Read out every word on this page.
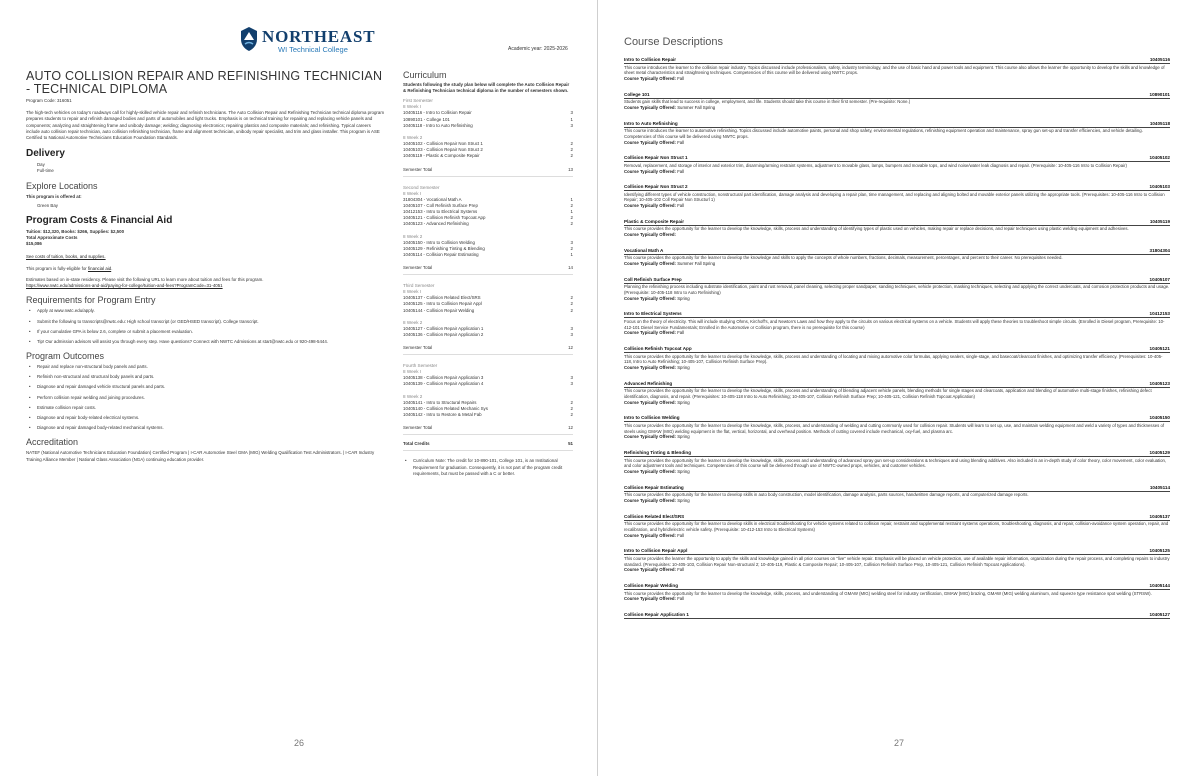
NORTHEAST
WI Technical College	Academic year: 2025-2026
AUTO COLLISION REPAIR AND REFINISHING TECHNICIAN - TECHNICAL DIPLOMA

Program Code: 316051

The high-tech vehicles on today's roadways call for highly-skilled vehicle repair and refinish technicians. The Auto Collision Repair and Refinishing Technician technical diploma program prepares students to repair and refinish damaged bodies and parts of automobiles and light trucks. Emphasis is on technical training for repairing and replacing vehicle panels and components; analyzing and straightening frame and unibody damage; welding; diagnosing electronics; repairing plastics and composite materials; and refinishing. Typical careers include auto collision repair technician, auto collision refinishing technician, frame and alignment technician, unibody repair specialist, and trim and glass installer. This program is ASE Certified to National Automotive Technicians Education Foundation Standards.

Delivery

Day

Full-time

Explore Locations

This program is offered at:

Green Bay

Program Costs & Financial Aid

Tuition: $12,320, Books: $266, Supplies: $2,500

Total Approximate Costs

$15,086

See costs of tuition, books, and supplies.

This program is fully-eligible for financial aid.

Estimates based on in-state residency. Please visit the following URL to learn more about tuition and fees for this program.

https://www.nwtc.edu/admissions-and-aid/paying-for-college/tuition-and-fees?ProgramCode=31-4051

Requirements for Program Entry
• Apply at www.nwtc.edu/apply.
• Submit the following to transcripts@nwtc.edu: High school transcript (or GED/HSED transcript). College transcript.
• If your cumulative GPA is below 2.6, complete or submit a placement evaluation.
• Tip! Our admission advisors will assist you through every step. Have questions? Connect with NWTC Admissions at start@nwtc.edu or 920-498-5444.
Program Outcomes
• Repair and replace non-structural body panels and parts.
• Refinish non-structural and structural body panels and parts.
• Diagnose and repair damaged vehicle structural panels and parts.
• Perform collision repair welding and joining procedures.
• Estimate collision repair costs.
• Diagnose and repair body-related electrical systems.
• Diagnose and repair damaged body-related mechanical systems.
Accreditation

NATEF (National Automotive Technicians Education Foundation) Certified Program | I-CAR Automotive Steel GMA (MIG) Welding Qualification Test Administrators. | I-CAR Industry Training Alliance Member | National Glass Association (NGA) continuing education provider.

Curriculum

Students following the study plan below will complete the Auto Collision Repair & Refinishing Technician technical diploma in the number of semesters shown.

First Semester
8 Week I
10405116 - Intro to Collision Repair	3
10890101 - College 101	1
10405118 - Intro to Auto Refinishing	3
8 Week 2
10405102 - Collision Repair Non Struct 1	2
10405103 - Collision Repair Non Struct 2	2
10405119 - Plastic & Composite Repair	2
Semester Total	13
Second Semester
8 Week I
31804304 - Vocational Math A	1
10405107 - Coll Refinish Surface Prep	2
10412153 - Intro to Electrical Systems	1
10405121 - Collision Refinish Topcoat App	2
10405123 - Advanced Refinishing	2
8 Week 2
10405150 - Intro to Collision Welding	3
10405129 - Refinishing Tinting & Blending	2
10405114 - Collision Repair Estimating	1
Semester Total	14
Third Semester
8 Week I
10405137 - Collision Related Elect/SRS	2
10405125 - Intro to Collision Repair Appl	2
10405144 - Collision Repair Welding	2
8 Week 2
10405127 - Collision Repair Application 1	3
10405136 - Collision Repair Application 2	3
Semester Total	12
Fourth Semester
8 Week I
10405138 - Collision Repair Application 3	3
10405139 - Collision Repair Application 4	3
8 Week 2
10405141 - Intro to Structural Repairs	2
10405140 - Collision Related Mechanic Sys	2
10405142 - Intro to Restore & Metal Fab	2
Semester Total	12
Total Credits	51
• Curriculum Note: The credit for 10-890-101, College 101, is an Institutional Requirement for graduation. Consequently, it is not part of the program credit requirements, but must be passed with a C or better.
26
Course Descriptions
Intro to Collision Repair	10405116

This course introduces the learner to the collision repair industry. Topics discussed include professionalism, safety, industry terminology, and the use of basic hand and power tools and equipment. This course also allows the learner the opportunity to develop the skills and knowledge of sheet metal characteristics and straightening techniques. Competencies of this course will be delivered using NWTC props.

Course Typically Offered: Fall
College 101	10890101

Students gain skills that lead to success in college, employment, and life. Students should take this course in their first semester. (Pre-requisite: None.)

Course Typically Offered: Summer Fall Spring
Intro to Auto Refinishing	10405118

This course introduces the learner to automotive refinishing. Topics discussed include automotive paints, personal and shop safety, environmental regulations, refinishing equipment operation and maintenance, spray gun set-up and transfer efficiencies, and vehicle detailing. Competencies of this course will be delivered using NWTC props.

Course Typically Offered: Fall
Collision Repair Non Struct 1	10405102

Removal, replacement, and storage of interior and exterior trim, disarming/arming restraint systems, adjustment to movable glass, lamps, bumpers and movable tops, and wind noise/water leak diagnosis and repair. (Prerequisite: 10-405-116 Intro to Collision Repair)

Course Typically Offered: Fall
Collision Repair Non Struct 2	10405103

Identifying different types of vehicle construction, nonstructural part identification, damage analysis and developing a repair plan, time management, and replacing and aligning bolted and movable exterior panels utilizing the appropriate tools. (Prerequisites: 10-405-116 Intro to Collision Repair; 10-405-102 Coll Repair Non Structurl 1)

Course Typically Offered: Fall
Plastic & Composite Repair	10405119

This course provides the opportunity for the learner to develop the knowledge, skills, process and understanding of identifying types of plastic used on vehicles, making repair or replace decisions, and repair techniques using plastic welding equipment and adhesives.

Course Typically Offered:
Vocational Math A	31804304

This course provides the opportunity for the learner to develop the knowledge and skills to apply the concepts of whole numbers, fractions, decimals, measurement, percentages, and percent to their career. No prerequisites needed.

Course Typically Offered: Summer Fall Spring
Coll Refinish Surface Prep	10405107

Planning the refinishing process including substrate identification, paint and rust removal, panel cleaning, selecting proper sandpaper, sanding techniques, vehicle protection, masking techniques, selecting and applying the correct undercoats, and corrosion protection products and usage. (Prerequisite: 10-405-118 Intro to Auto Refinishing)

Course Typically Offered: Spring
Intro to Electrical Systems	10412153

Focus on the theory of electricity. This will include studying Ohms, Kirchoff's, and Newton's Laws and how they apply to the circuits on various electrical systems on a vehicle. Students will apply these theories to troubleshoot simple circuits. (Enrolled in Diesel program, Prerequisite: 10-412-101 Diesel Service Fundamentals; Enrolled in the Automotive or Collision program, there is no prerequisite for this course)

Course Typically Offered: Fall
Collision Refinish Topcoat App	10405121

This course provides the opportunity for the learner to develop the knowledge, skills, process and understanding of locating and mixing automotive color formulas, applying sealers, single-stage, and basecoat/clearcoat finishes, and optimizing transfer efficiency. (Prerequisites: 10-405-118, Intro to Auto Refinishing; 10-405-107, Collision Refinish Surface Prep).

Course Typically Offered: Spring
Advanced Refinishing	10405123

This course provides the opportunity for the learner to develop the knowledge, skills, process and understanding of blending adjacent vehicle panels, blending methods for single stages and clearcoats, application and blending of automotive multi-stage finishes, refinishing defect identification, diagnosis, and repair. (Prerequisites: 10-405-118 Intro to Auto Refinishing; 10-405-107, Collision Refinish Surface Prep; 10-405-121, Collision Refinish Topcoat Application)

Course Typically Offered: Spring
Intro to Collision Welding	10405150

This course provides the opportunity for the learner to develop the knowledge, skills, process, and understanding of welding and cutting commonly used for collision repair. Students will learn to set up, use, and maintain welding equipment and weld a variety of types and thicknesses of steels using GMAW (MIG) welding equipment in the flat, vertical, horizontal, and overhead position. Methods of cutting covered include mechanical, oxy-fuel, and plasma arc.

Course Typically Offered: Spring
Refinishing Tinting & Blending	10405129

This course provides the opportunity for the learner to develop the knowledge, skills, process and understanding of advanced spray gun set-up considerations & techniques and using blending additives. Also included is an in-depth study of color theory, color movement, color evaluation, and color adjustment tools and techniques. Competencies of this course will be delivered through use of NWTC-owned props, vehicles, and customer vehicles.

Course Typically Offered: Spring
Collision Repair Estimating	10405114

This course provides the opportunity for the learner to develop skills in auto body construction, model identification, damage analysis, parts sources, handwritten damage reports, and computerized damage reports.

Course Typically Offered: Spring
Collision Related Elect/SRS	10405137

This course provides the opportunity for the learner to develop skills in electrical troubleshooting for vehicle systems related to collision repair, restraint and supplemental restraint systems operations, troubleshooting, diagnosis, and repair, collision-avoidance system operation, repair, and recalibration, and hybrid/electric vehicle safety. (Prerequisite: 10-412-153 Intro to Electrical Systems)

Course Typically Offered: Fall
Intro to Collision Repair Appl	10405125

This course provides the learner the opportunity to apply the skills and knowledge gained in all prior courses on "live" vehicle repair. Emphasis will be placed on vehicle protection, use of available repair information, organization during the repair process, and completing repairs to industry standard. (Prerequisites: 10-405-103, Collision Repair Non-structural 2; 10-405-119, Plastic & Composite Repair; 10-405-107, Collision Refinish Surface Prep, 10-405-121, Collision Refinish Topcoat Applications).

Course Typically Offered: Fall
Collision Repair Welding	10405144

This course provides the opportunity for the learner to develop the knowledge, skills, process, and understanding of GMAW (MIG) welding steel for industry certification, GMAW (MIG) brazing, GMAW (MIG) welding aluminum, and squeeze type resistance spot welding (STRSW).

Course Typically Offered: Fall
Collision Repair Application 1	10405127
27
